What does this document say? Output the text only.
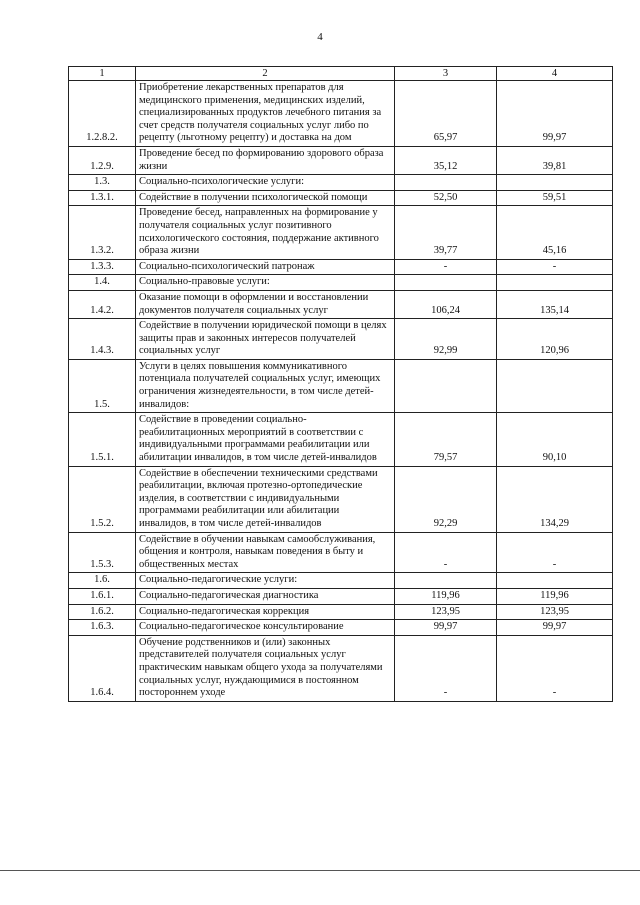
4
1	2	3	4
1.2.8.2.	Приобретение лекарственных препаратов для медицинского применения, медицинских изделий, специализированных продуктов лечебного питания за счет средств получателя социальных услуг либо по рецепту (льготному рецепту) и доставка на дом	65,97	99,97
1.2.9.	Проведение бесед по формированию здорового образа жизни	35,12	39,81
1.3.	Социально-психологические услуги:		
1.3.1.	Содействие в получении психологической помощи	52,50	59,51
1.3.2.	Проведение бесед, направленных на формирование у получателя социальных услуг позитивного психологического состояния, поддержание активного образа жизни	39,77	45,16
1.3.3.	Социально-психологический патронаж	-	-
1.4.	Социально-правовые услуги:		
1.4.2.	Оказание помощи в оформлении и восстановлении документов получателя социальных услуг	106,24	135,14
1.4.3.	Содействие в получении юридической помощи в целях защиты прав и законных интересов получателей социальных услуг	92,99	120,96
1.5.	Услуги в целях повышения коммуникативного потенциала получателей социальных услуг, имеющих ограничения жизнедеятельности, в том числе детей-инвалидов:		
1.5.1.	Содействие в проведении социально-реабилитационных мероприятий в соответствии с индивидуальными программами реабилитации или абилитации инвалидов, в том числе детей-инвалидов	79,57	90,10
1.5.2.	Содействие в обеспечении техническими средствами реабилитации, включая протезно-ортопедические изделия, в соответствии с индивидуальными программами реабилитации или абилитации инвалидов, в том числе детей-инвалидов	92,29	134,29
1.5.3.	Содействие в обучении навыкам самообслуживания, общения и контроля, навыкам поведения в быту и общественных местах	-	-
1.6.	Социально-педагогические услуги:		
1.6.1.	Социально-педагогическая диагностика	119,96	119,96
1.6.2.	Социально-педагогическая коррекция	123,95	123,95
1.6.3.	Социально-педагогическое консультирование	99,97	99,97
1.6.4.	Обучение родственников и (или) законных представителей получателя социальных услуг практическим навыкам общего ухода за получателями социальных услуг, нуждающимися в постоянном постороннем уходе	-	-
